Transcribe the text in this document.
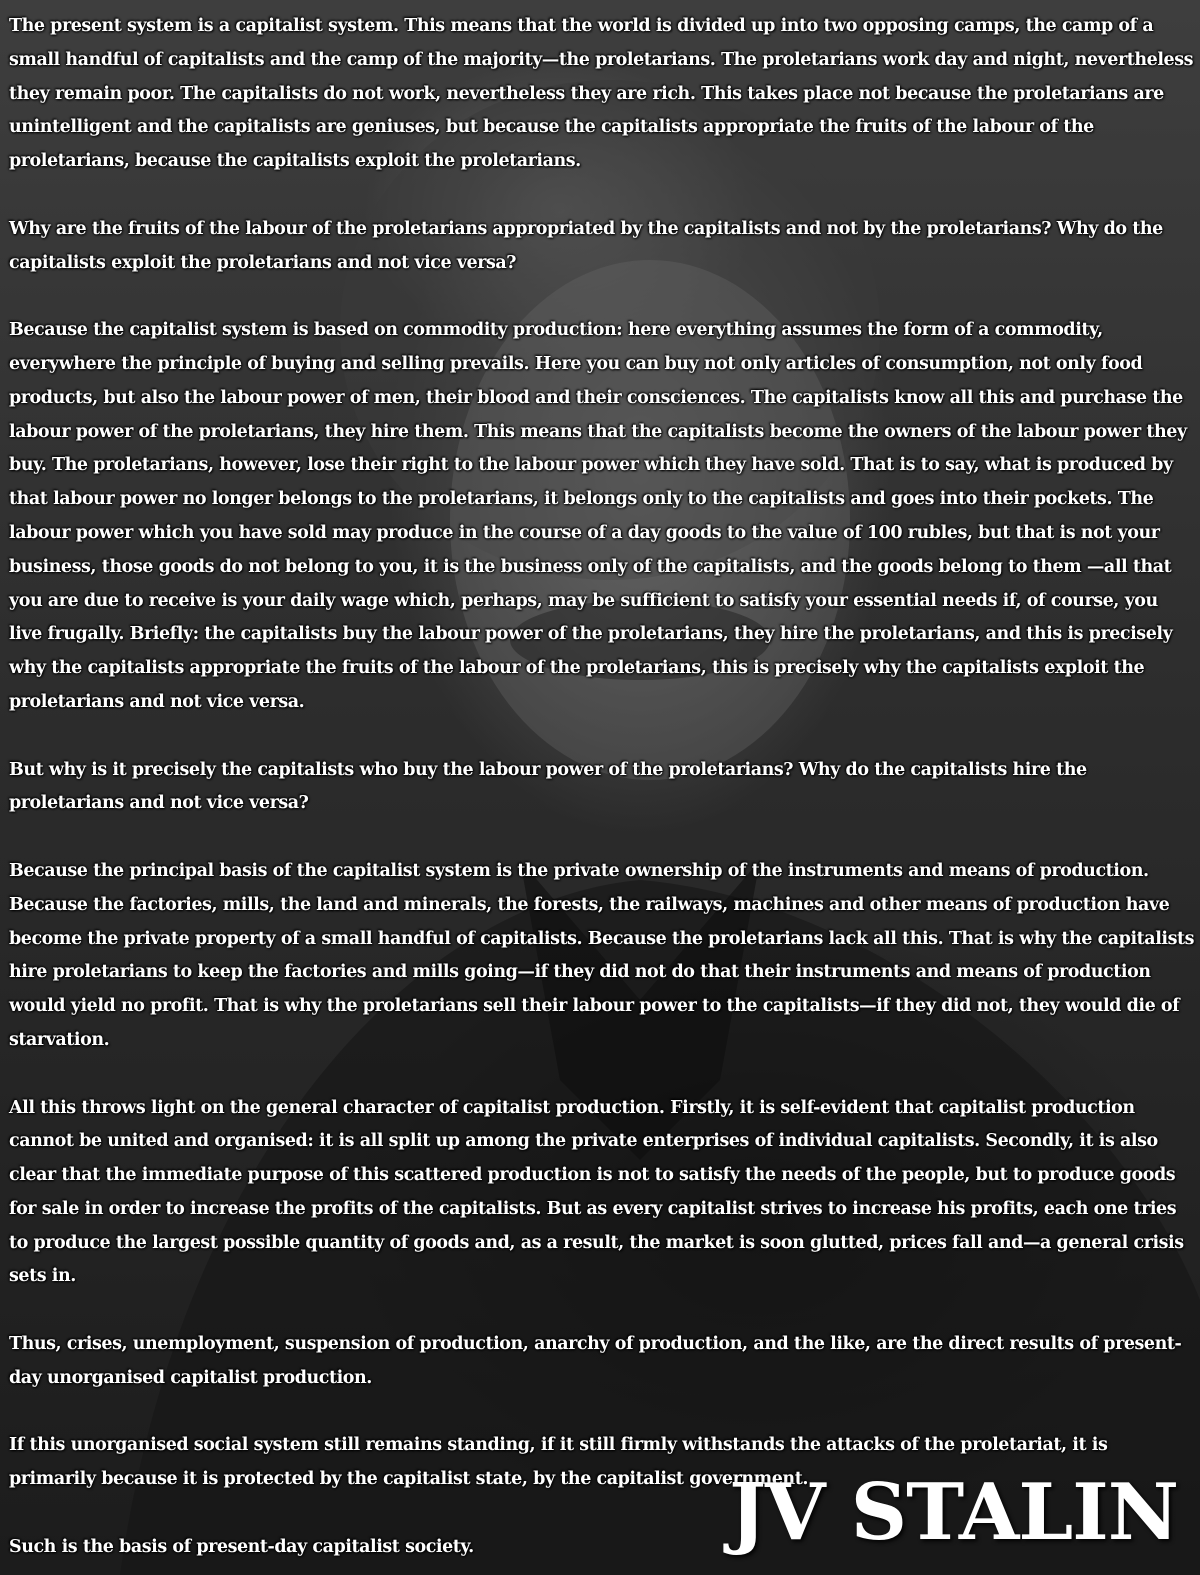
The present system is a capitalist system. This means that the world is divided up into two opposing camps, the camp of a small handful of capitalists and the camp of the majority—the proletarians. The proletarians work day and night, nevertheless they remain poor. The capitalists do not work, nevertheless they are rich. This takes place not because the proletarians are unintelligent and the capitalists are geniuses, but because the capitalists appropriate the fruits of the labour of the proletarians, because the capitalists exploit the proletarians.

Why are the fruits of the labour of the proletarians appropriated by the capitalists and not by the proletarians? Why do the capitalists exploit the proletarians and not vice versa?

Because the capitalist system is based on commodity production: here everything assumes the form of a commodity, everywhere the principle of buying and selling prevails. Here you can buy not only articles of consumption, not only food products, but also the labour power of men, their blood and their consciences. The capitalists know all this and purchase the labour power of the proletarians, they hire them. This means that the capitalists become the owners of the labour power they buy. The proletarians, however, lose their right to the labour power which they have sold. That is to say, what is produced by that labour power no longer belongs to the proletarians, it belongs only to the capitalists and goes into their pockets. The labour power which you have sold may produce in the course of a day goods to the value of 100 rubles, but that is not your business, those goods do not belong to you, it is the business only of the capitalists, and the goods belong to them —all that you are due to receive is your daily wage which, perhaps, may be sufficient to satisfy your essential needs if, of course, you live frugally. Briefly: the capitalists buy the labour power of the proletarians, they hire the proletarians, and this is precisely why the capitalists appropriate the fruits of the labour of the proletarians, this is precisely why the capitalists exploit the proletarians and not vice versa.

But why is it precisely the capitalists who buy the labour power of the proletarians? Why do the capitalists hire the proletarians and not vice versa?

Because the principal basis of the capitalist system is the private ownership of the instruments and means of production. Because the factories, mills, the land and minerals, the forests, the railways, machines and other means of production have become the private property of a small handful of capitalists. Because the proletarians lack all this. That is why the capitalists hire proletarians to keep the factories and mills going—if they did not do that their instruments and means of production would yield no profit. That is why the proletarians sell their labour power to the capitalists—if they did not, they would die of starvation.

All this throws light on the general character of capitalist production. Firstly, it is self-evident that capitalist production cannot be united and organised: it is all split up among the private enterprises of individual capitalists. Secondly, it is also clear that the immediate purpose of this scattered production is not to satisfy the needs of the people, but to produce goods for sale in order to increase the profits of the capitalists. But as every capitalist strives to increase his profits, each one tries to produce the largest possible quantity of goods and, as a result, the market is soon glutted, prices fall and—a general crisis sets in.

Thus, crises, unemployment, suspension of production, anarchy of production, and the like, are the direct results of present-day unorganised capitalist production.

If this unorganised social system still remains standing, if it still firmly withstands the attacks of the proletariat, it is primarily because it is protected by the capitalist state, by the capitalist government.

Such is the basis of present-day capitalist society.	JV STALIN
